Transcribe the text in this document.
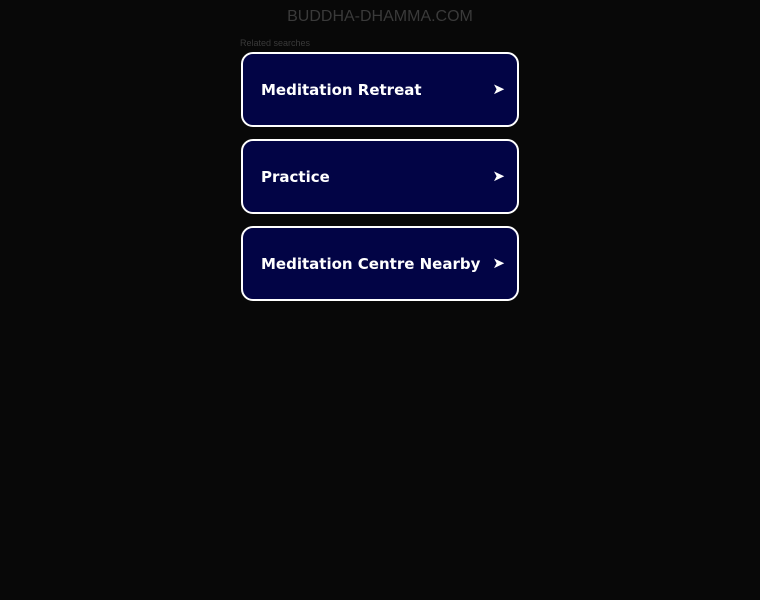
BUDDHA-DHAMMA.COM
Related searches
Meditation Retreat	➤
Practice	➤
Meditation Centre Nearby ➤
